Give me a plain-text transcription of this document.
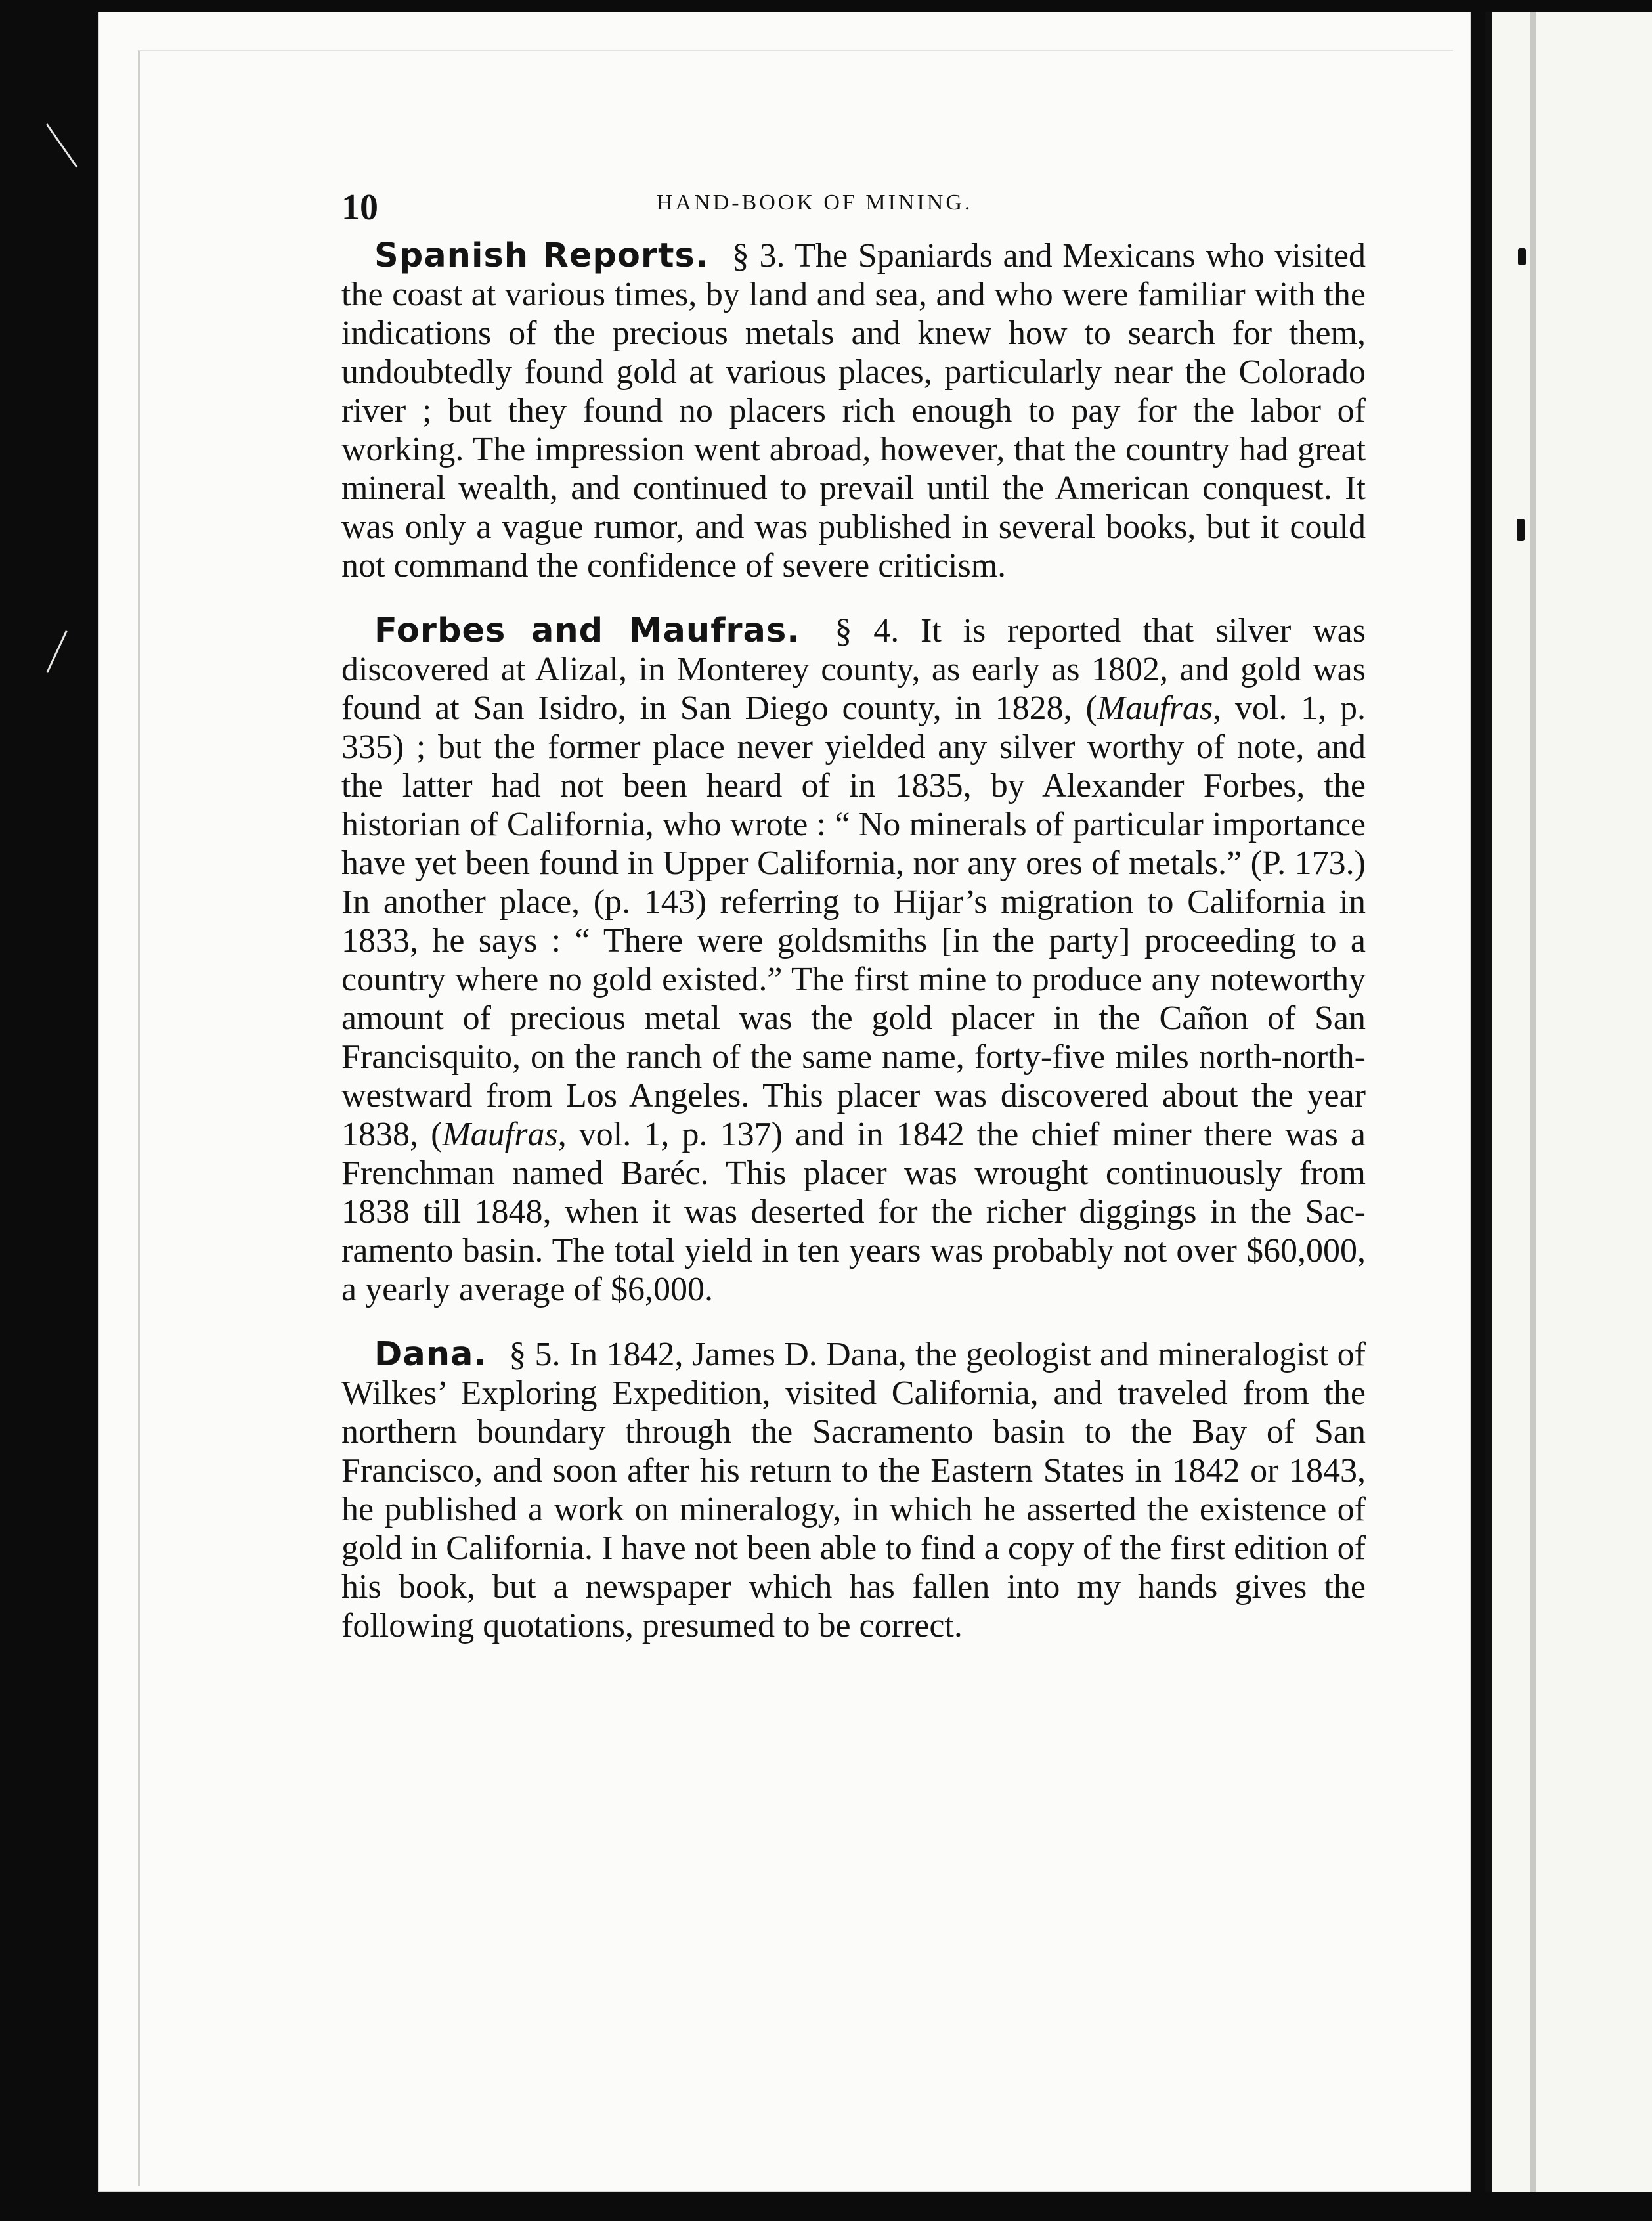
10	HAND-BOOK OF MINING.

Spanish Reports. § 3. The Spaniards and Mexicans who visited the coast at various times, by land and sea, and who were familiar with the indications of the precious metals and knew how to search for them, undoubtedly found gold at various places, particularly near the Colorado river ; but they found no placers rich enough to pay for the labor of working. The impression went abroad, however, that the country had great mineral wealth, and continued to prevail until the American conquest. It was only a vague rumor, and was published in several books, but it could not command the confidence of severe criticism.

Forbes and Maufras. § 4. It is reported that silver was discovered at Alizal, in Monterey county, as early as 1802, and gold was found at San Isidro, in San Diego county, in 1828, (Maufras, vol. 1, p. 335) ; but the former place never yielded any silver worthy of note, and the latter had not been heard of in 1835, by Alexander Forbes, the historian of California, who wrote : “ No minerals of particular importance have yet been found in Upper California, nor any ores of metals.” (P. 173.) In another place, (p. 143) referring to Hijar’s migration to California in 1833, he says : “ There were goldsmiths [in the party] proceeding to a country where no gold existed.” The first mine to produce any noteworthy amount of precious metal was the gold placer in the Cañon of San Francisquito, on the ranch of the same name, forty-five miles north-north-westward from Los Angeles. This placer was discovered about the year 1838, (Maufras, vol. 1, p. 137) and in 1842 the chief miner there was a Frenchman named Baréc. This placer was wrought continuously from 1838 till 1848, when it was deserted for the richer diggings in the Sacramento basin. The total yield in ten years was probably not over $60,000, a yearly average of $6,000.

Dana. § 5. In 1842, James D. Dana, the geologist and mineralogist of Wilkes’ Exploring Expedition, visited California, and traveled from the northern boundary through the Sacramento basin to the Bay of San Francisco, and soon after his return to the Eastern States in 1842 or 1843, he published a work on mineralogy, in which he asserted the existence of gold in California. I have not been able to find a copy of the first edition of his book, but a newspaper which has fallen into my hands gives the following quotations, presumed to be correct.
